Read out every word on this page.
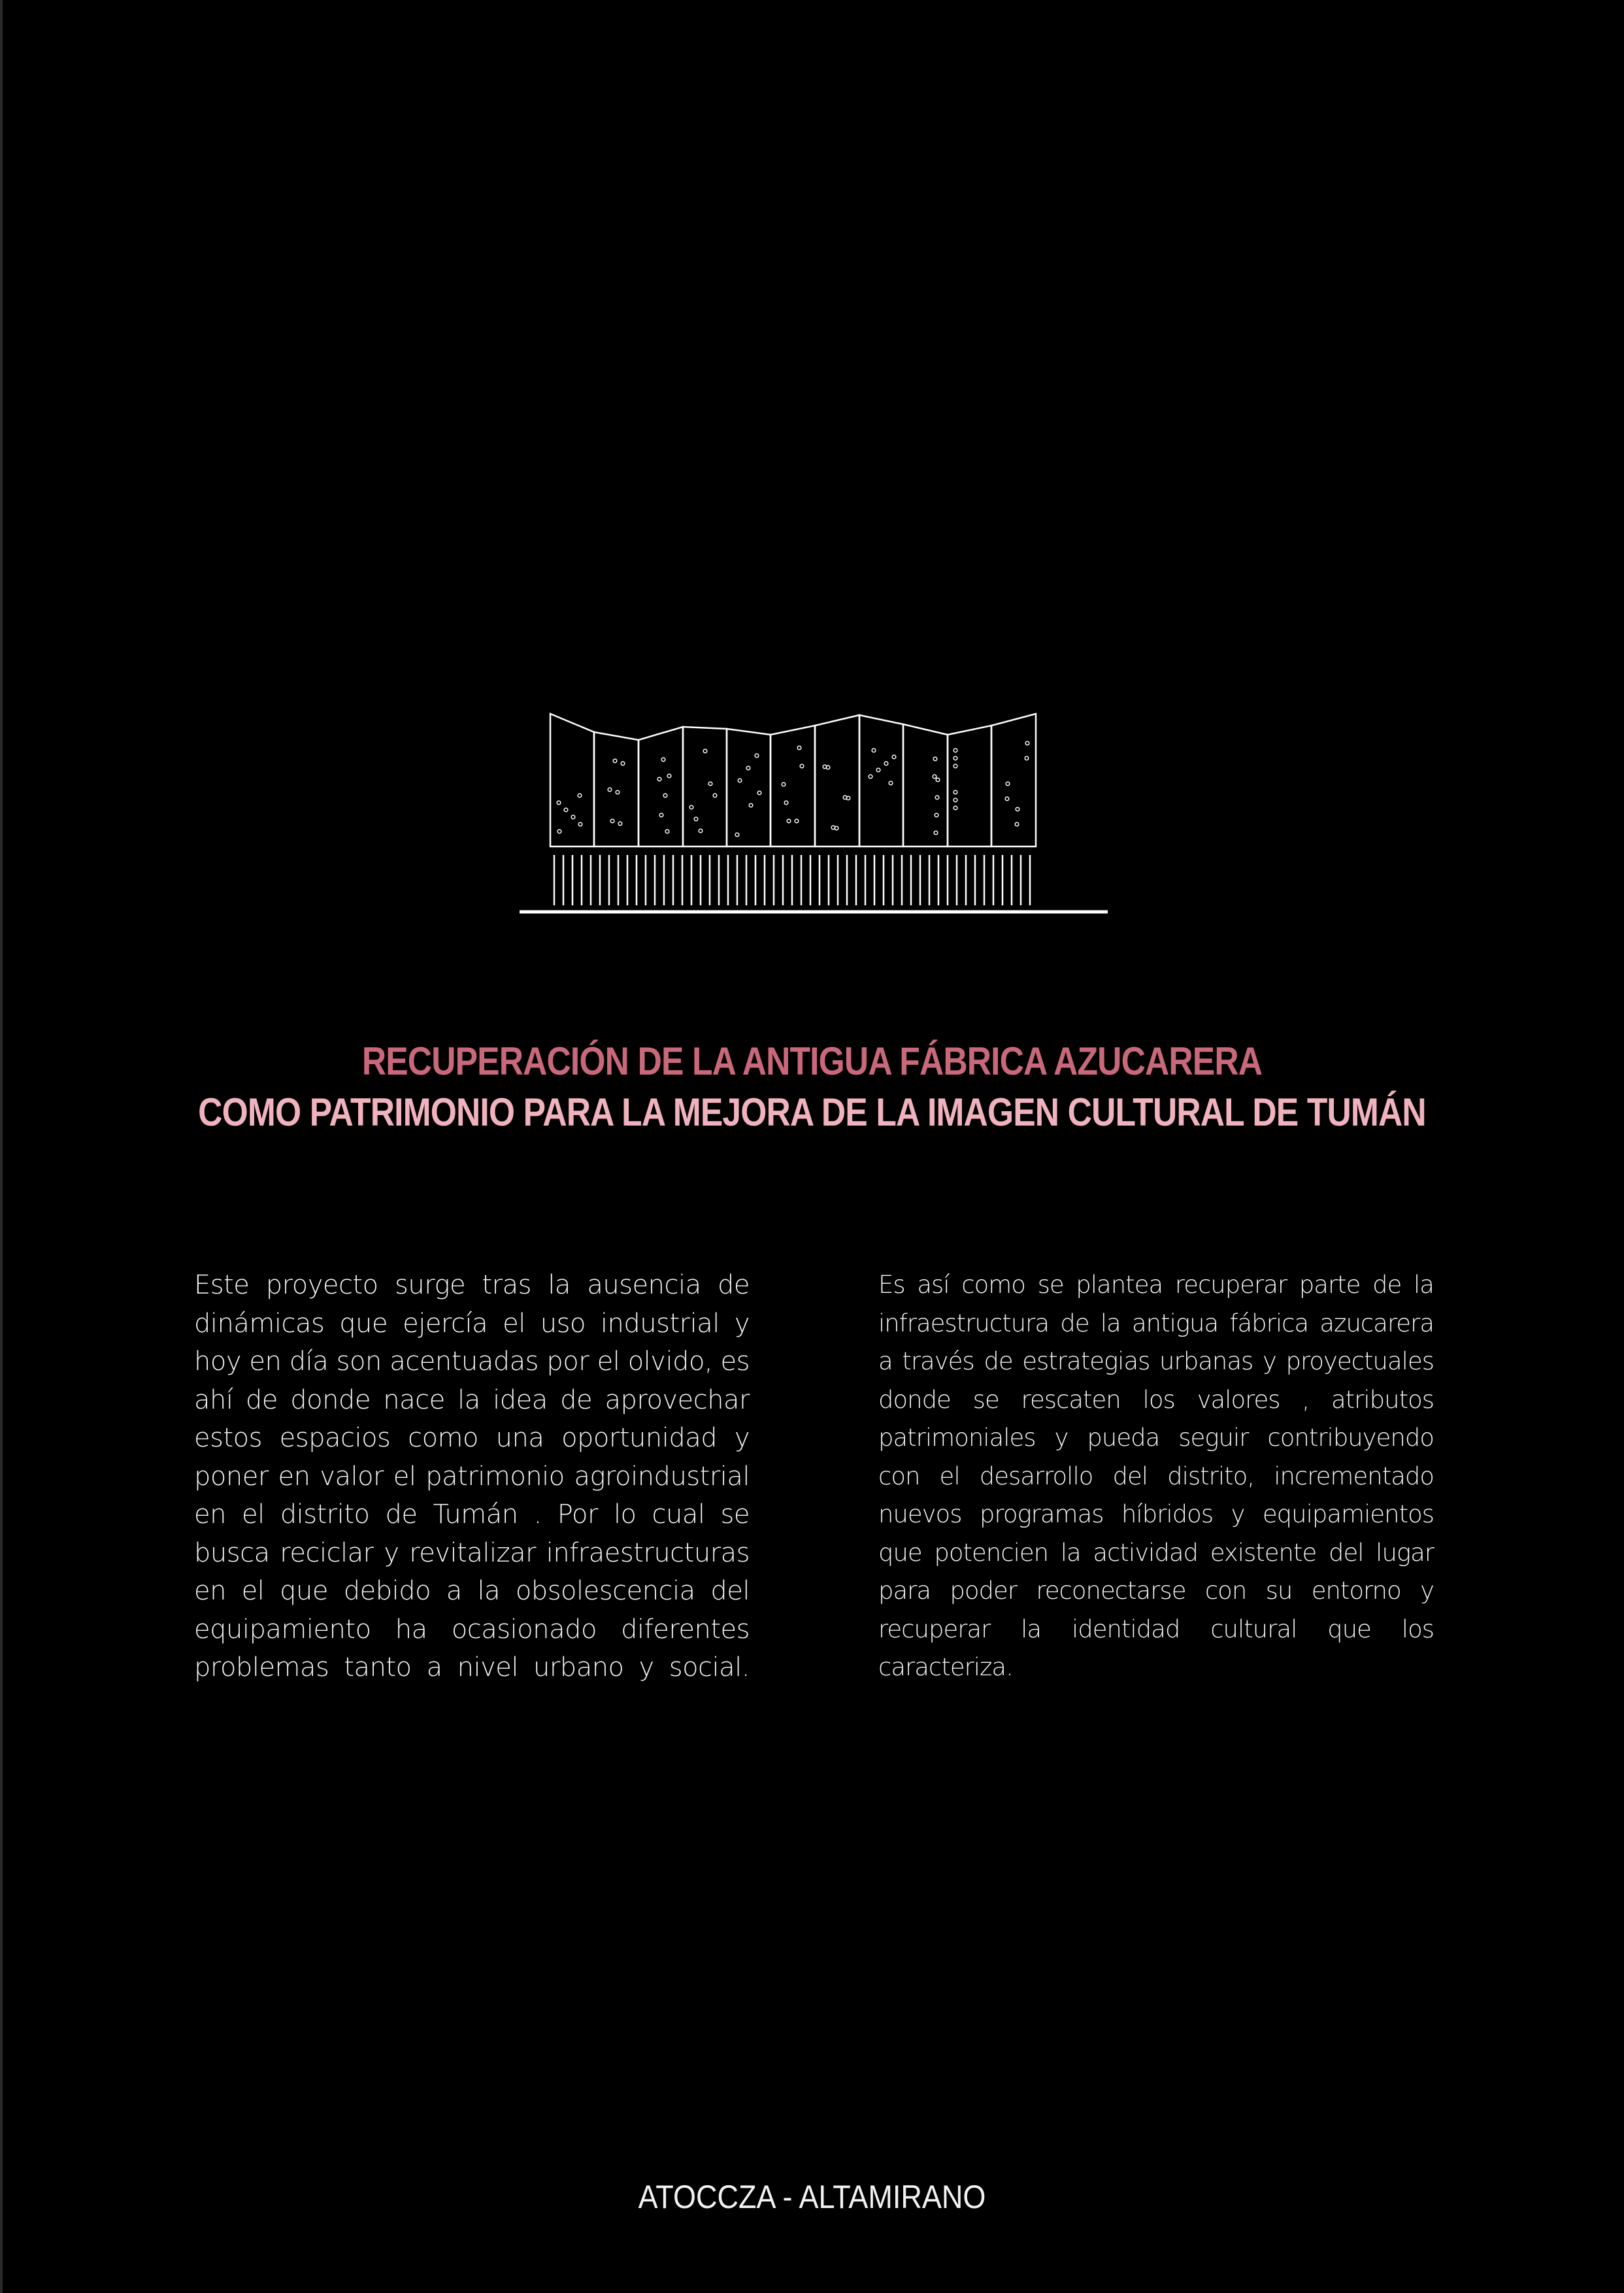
RECUPERACIÓN DE LA ANTIGUA FÁBRICA AZUCARERA
COMO PATRIMONIO PARA LA MEJORA DE LA IMAGEN CULTURAL DE TUMÁN

Este proyecto surge tras la ausencia de dinámicas que ejercía el uso industrial y hoy en día son acentuadas por el olvido, es ahí de donde nace la idea de aprovechar estos espacios como una oportunidad y poner en valor el patrimonio agroindustrial en el distrito de Tumán . Por lo cual se busca reciclar y revitalizar infraestructuras en el que debido a la obsolescencia del equipamiento ha ocasionado diferentes problemas tanto a nivel urbano y social.

Es así como se plantea recuperar parte de la infraestructura de la antigua fábrica azucarera a través de estrategias urbanas y proyectuales donde se rescaten los valores , atributos patrimoniales y pueda seguir contribuyendo con el desarrollo del distrito, incrementado nuevos programas híbridos y equipamientos que potencien la actividad existente del lugar para poder reconectarse con su entorno y recuperar la identidad cultural que los caracteriza.

ATOCCZA - ALTAMIRANO
